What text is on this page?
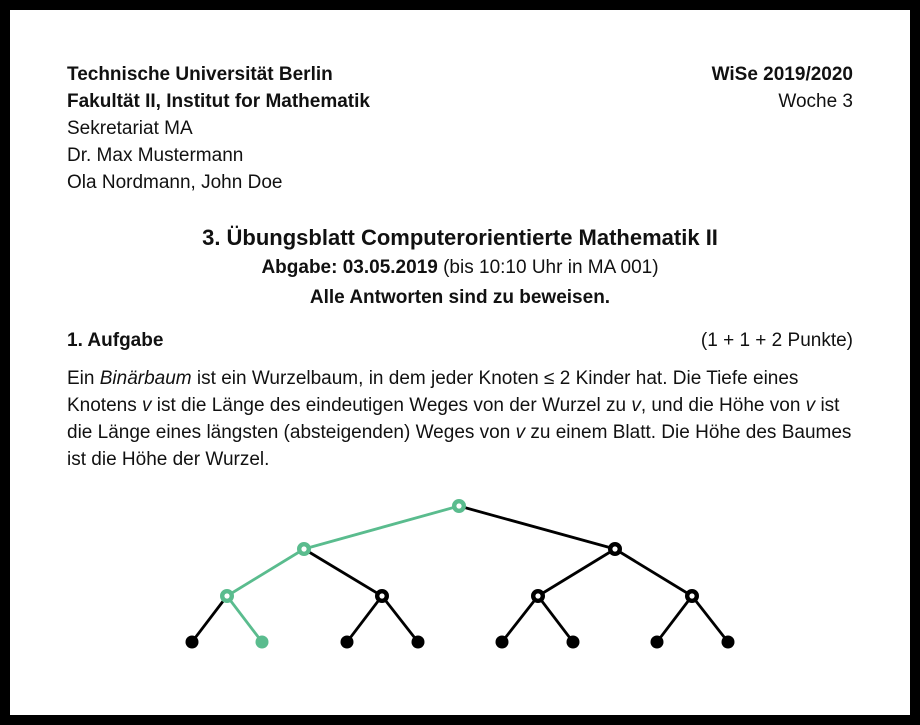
Technische Universität Berlin
Fakultät II, Institut for Mathematik
Sekretariat MA
Dr. Max Mustermann
Ola Nordmann, John Doe
WiSe 2019/2020
Woche 3
3. Übungsblatt Computerorientierte Mathematik II
Abgabe: 03.05.2019 (bis 10:10 Uhr in MA 001)
Alle Antworten sind zu beweisen.
1. Aufgabe	(1 + 1 + 2 Punkte)
Ein Binärbaum ist ein Wurzelbaum, in dem jeder Knoten ≤ 2 Kinder hat. Die Tiefe eines Knotens v ist die Länge des eindeutigen Weges von der Wurzel zu v, und die Höhe von v ist die Länge eines längsten (absteigenden) Weges von v zu einem Blatt. Die Höhe des Baumes ist die Höhe der Wurzel.
